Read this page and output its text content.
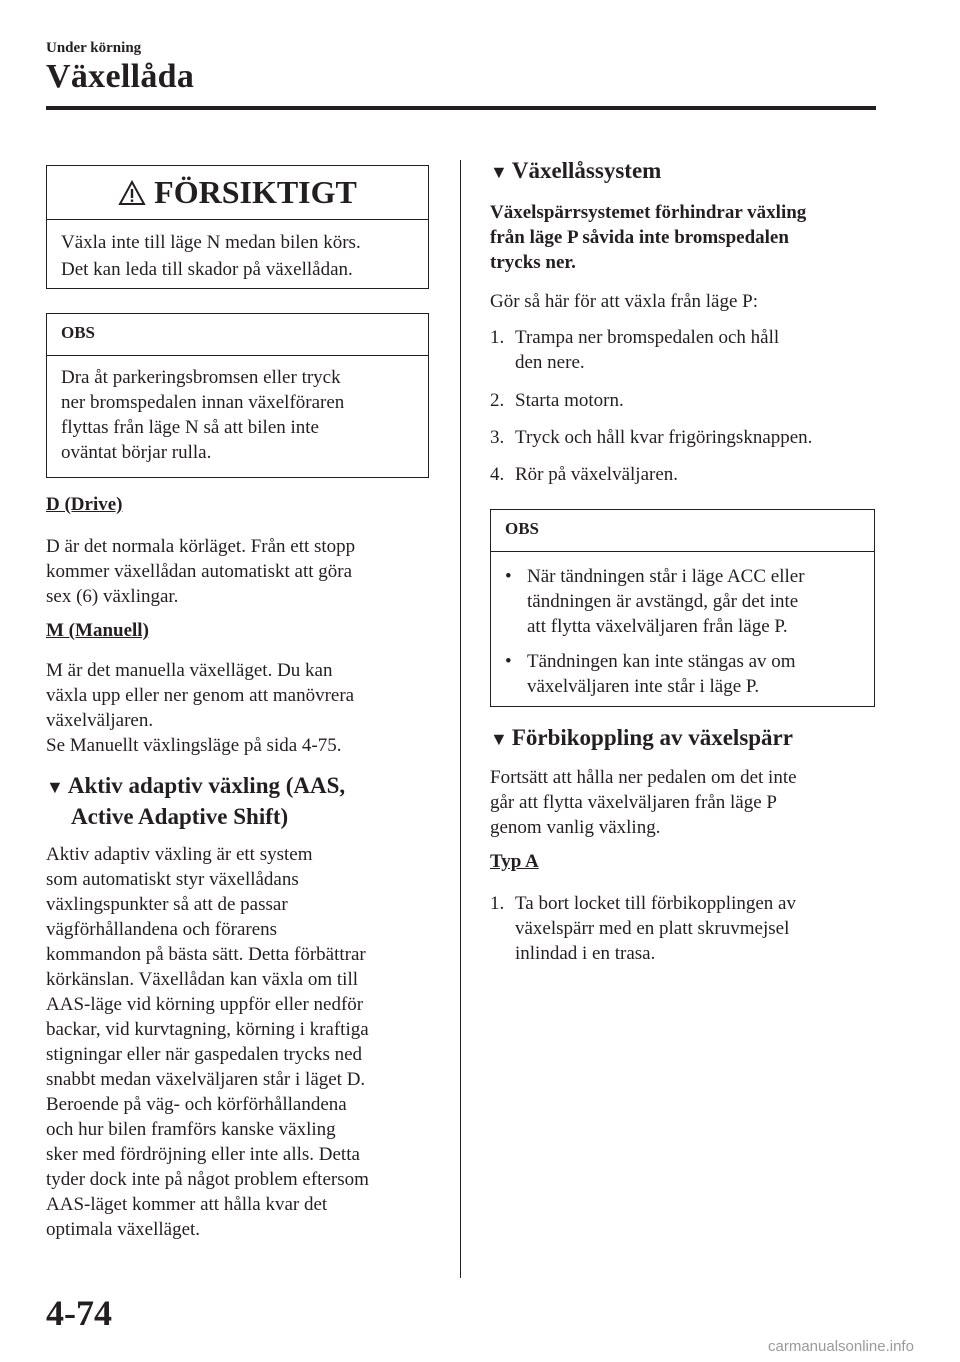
Under körning
Växellåda
FÖRSIKTIGT
Växla inte till läge N medan bilen körs.
Det kan leda till skador på växellådan.
OBS
Dra åt parkeringsbromsen eller tryck
ner bromspedalen innan växelföraren
flyttas från läge N så att bilen inte
oväntat börjar rulla.
D (Drive)
D är det normala körläget. Från ett stopp
kommer växellådan automatiskt att göra
sex (6) växlingar.
M (Manuell)
M är det manuella växelläget. Du kan
växla upp eller ner genom att manövrera
växelväljaren.
Se Manuellt växlingsläge på sida 4-75.
▼ Aktiv adaptiv växling (AAS,
Active Adaptive Shift)
Aktiv adaptiv växling är ett system
som automatiskt styr växellådans
växlingspunkter så att de passar
vägförhållandena och förarens
kommandon på bästa sätt. Detta förbättrar
körkänslan. Växellådan kan växla om till
AAS-läge vid körning uppför eller nedför
backar, vid kurvtagning, körning i kraftiga
stigningar eller när gaspedalen trycks ned
snabbt medan växelväljaren står i läget D.
Beroende på väg- och körförhållandena
och hur bilen framförs kanske växling
sker med fördröjning eller inte alls. Detta
tyder dock inte på något problem eftersom
AAS-läget kommer att hålla kvar det
optimala växelläget.
▼ Växellåssystem
Växelspärrsystemet förhindrar växling
från läge P såvida inte bromspedalen
trycks ner.
Gör så här för att växla från läge P:
1. Trampa ner bromspedalen och håll
den nere.
2. Starta motorn.
3. Tryck och håll kvar frigöringsknappen.
4. Rör på växelväljaren.
OBS
• När tändningen står i läge ACC eller
tändningen är avstängd, går det inte
att flytta växelväljaren från läge P.
• Tändningen kan inte stängas av om
växelväljaren inte står i läge P.
▼ Förbikoppling av växelspärr
Fortsätt att hålla ner pedalen om det inte
går att flytta växelväljaren från läge P
genom vanlig växling.
Typ A
1. Ta bort locket till förbikopplingen av
växelspärr med en platt skruvmejsel
inlindad i en trasa.
4-74
carmanualsonline.info
